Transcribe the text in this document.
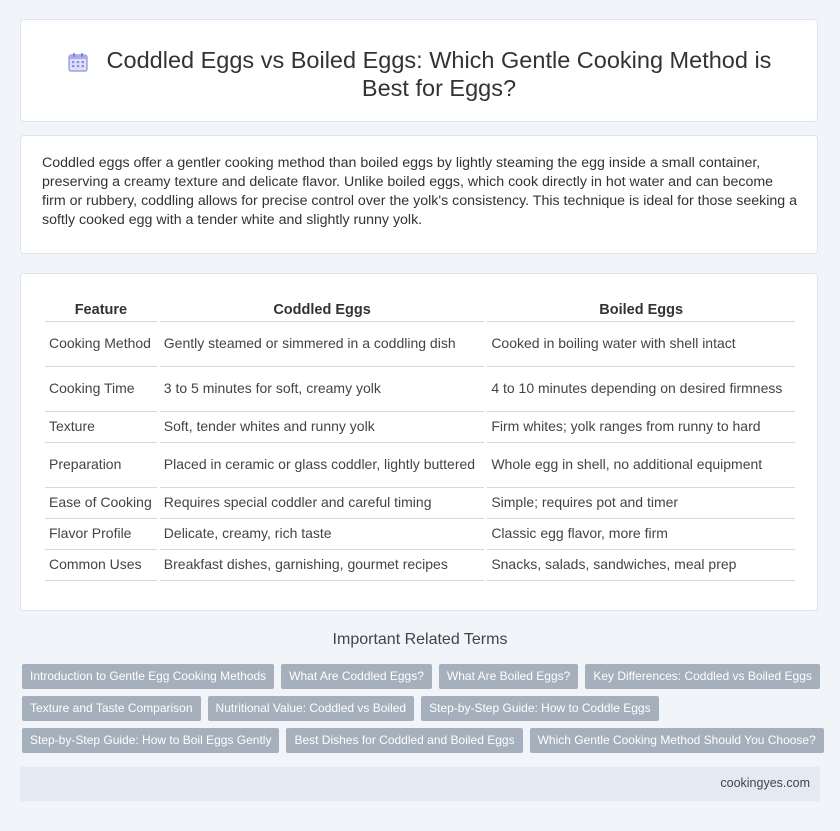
Coddled Eggs vs Boiled Eggs: Which Gentle Cooking Method is Best for Eggs?

Coddled eggs offer a gentler cooking method than boiled eggs by lightly steaming the egg inside a small container, preserving a creamy texture and delicate flavor. Unlike boiled eggs, which cook directly in hot water and can become firm or rubbery, coddling allows for precise control over the yolk's consistency. This technique is ideal for those seeking a softly cooked egg with a tender white and slightly runny yolk.

Feature	Coddled Eggs	Boiled Eggs
Cooking Method	Gently steamed or simmered in a coddling dish	Cooked in boiling water with shell intact
Cooking Time	3 to 5 minutes for soft, creamy yolk	4 to 10 minutes depending on desired firmness
Texture	Soft, tender whites and runny yolk	Firm whites; yolk ranges from runny to hard
Preparation	Placed in ceramic or glass coddler, lightly buttered	Whole egg in shell, no additional equipment
Ease of Cooking	Requires special coddler and careful timing	Simple; requires pot and timer
Flavor Profile	Delicate, creamy, rich taste	Classic egg flavor, more firm
Common Uses	Breakfast dishes, garnishing, gourmet recipes	Snacks, salads, sandwiches, meal prep
Important Related Terms
Introduction to Gentle Egg Cooking Methods	What Are Coddled Eggs?	What Are Boiled Eggs?	Key Differences: Coddled vs Boiled Eggs
Texture and Taste Comparison	Nutritional Value: Coddled vs Boiled	Step-by-Step Guide: How to Coddle Eggs
Step-by-Step Guide: How to Boil Eggs Gently	Best Dishes for Coddled and Boiled Eggs	Which Gentle Cooking Method Should You Choose?
cookingyes.com
